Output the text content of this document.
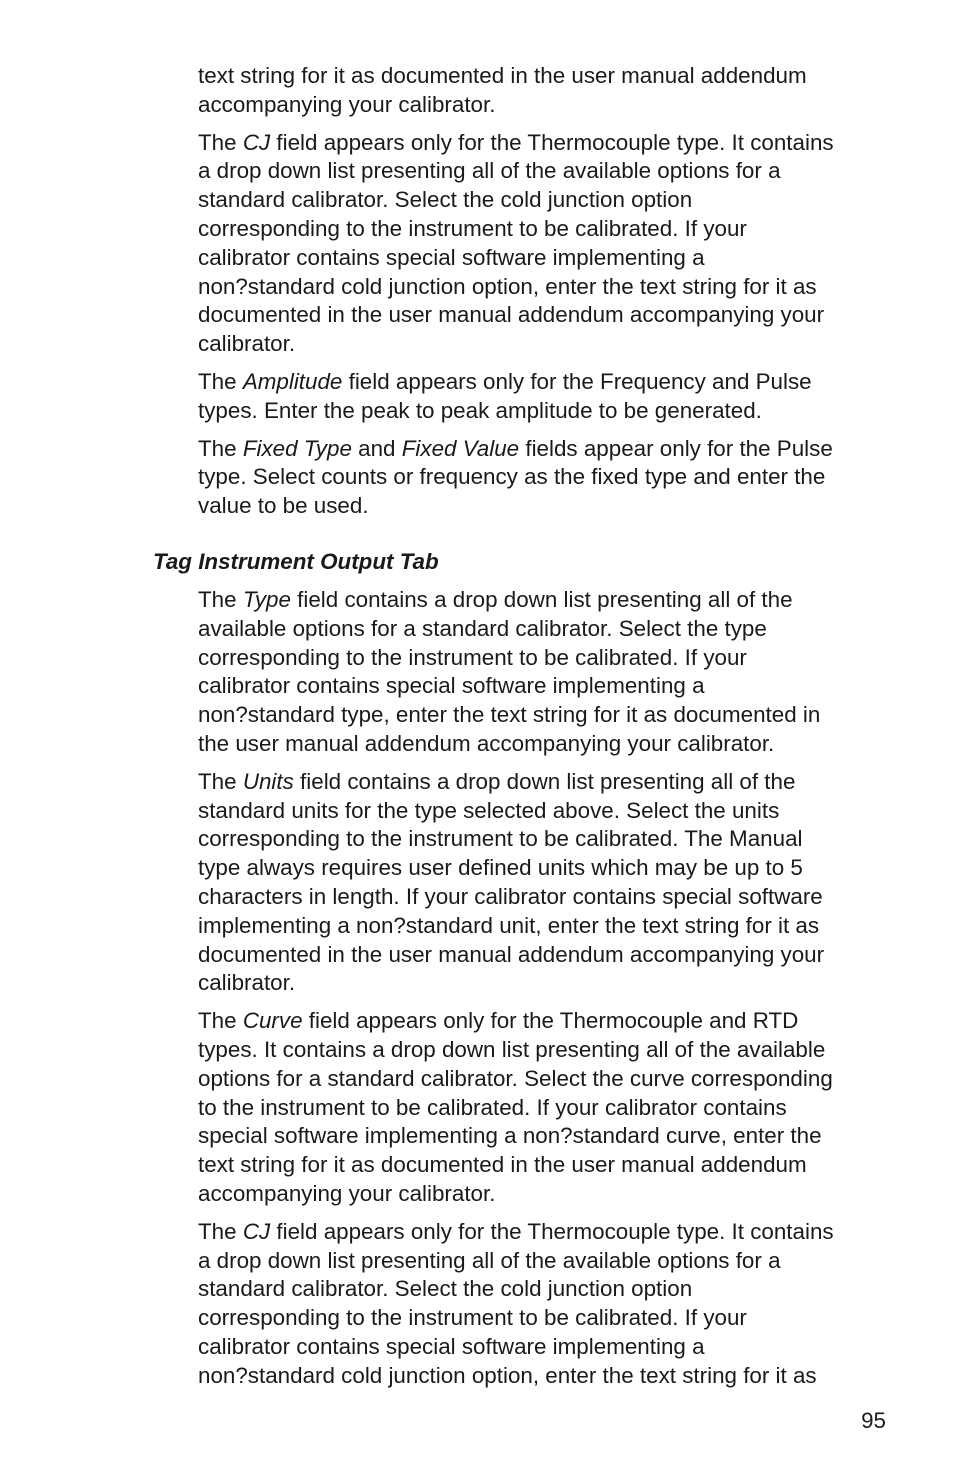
text string for it as documented in the user manual addendum
accompanying your calibrator.

The CJ field appears only for the Thermocouple type. It contains
a drop down list presenting all of the available options for a
standard calibrator. Select the cold junction option
corresponding to the instrument to be calibrated. If your
calibrator contains special software implementing a
non?standard cold junction option, enter the text string for it as
documented in the user manual addendum accompanying your
calibrator.

The Amplitude field appears only for the Frequency and Pulse
types. Enter the peak to peak amplitude to be generated.

The Fixed Type and Fixed Value fields appear only for the Pulse
type. Select counts or frequency as the fixed type and enter the
value to be used.

Tag Instrument Output Tab

The Type field contains a drop down list presenting all of the
available options for a standard calibrator. Select the type
corresponding to the instrument to be calibrated. If your
calibrator contains special software implementing a
non?standard type, enter the text string for it as documented in
the user manual addendum accompanying your calibrator.

The Units field contains a drop down list presenting all of the
standard units for the type selected above. Select the units
corresponding to the instrument to be calibrated. The Manual
type always requires user defined units which may be up to 5
characters in length. If your calibrator contains special software
implementing a non?standard unit, enter the text string for it as
documented in the user manual addendum accompanying your
calibrator.

The Curve field appears only for the Thermocouple and RTD
types. It contains a drop down list presenting all of the available
options for a standard calibrator. Select the curve corresponding
to the instrument to be calibrated. If your calibrator contains
special software implementing a non?standard curve, enter the
text string for it as documented in the user manual addendum
accompanying your calibrator.

The CJ field appears only for the Thermocouple type. It contains
a drop down list presenting all of the available options for a
standard calibrator. Select the cold junction option
corresponding to the instrument to be calibrated. If your
calibrator contains special software implementing a
non?standard cold junction option, enter the text string for it as

95
